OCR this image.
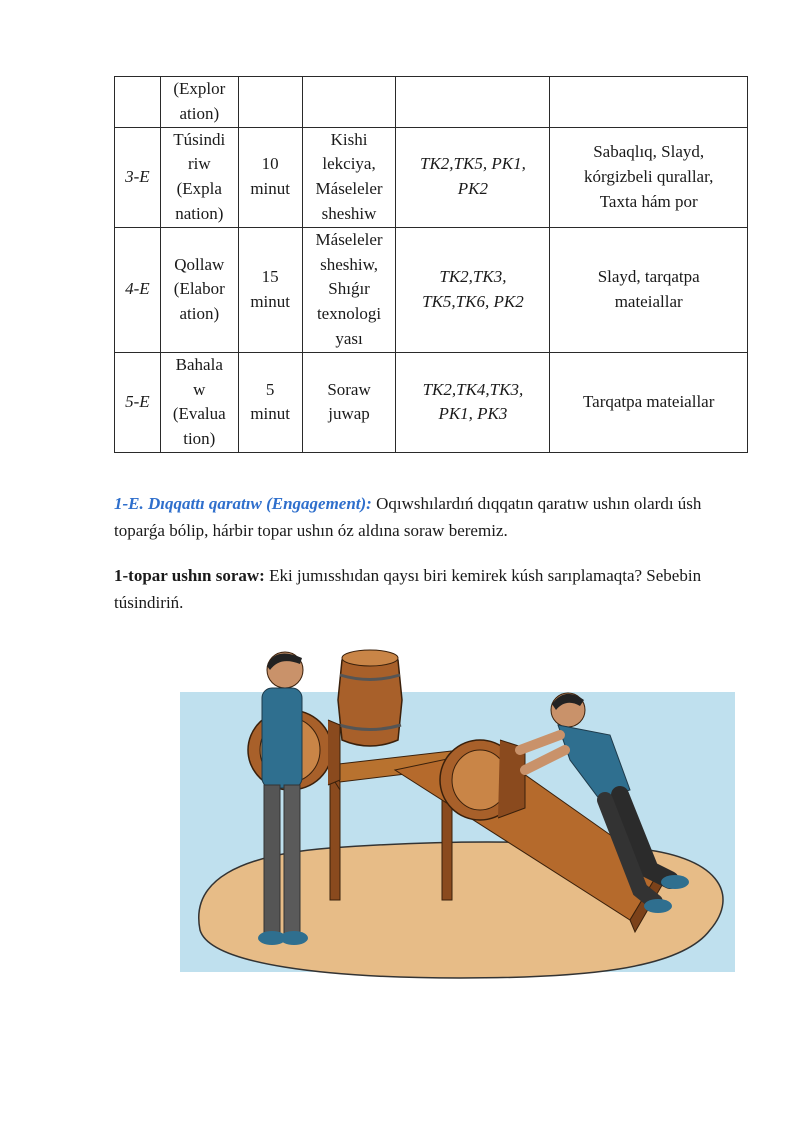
	(Explor
ation)				

3-E	Túsindi
riw
(Expla
nation)	10
minut	Kishi
lekciya,
Máseleler
sheshiw	TK2,TK5, PK1, PK2	Sabaqlıq, Slayd, kórgizbeli qurallar, Taxta hám por
4-E	Qollaw
(Elabor
ation)	15
minut	Máseleler
sheshiw,
Shıǵır
texnologi
yası	TK2,TK3, TK5,TK6, PK2	Slayd, tarqatpa mateiallar
5-E	Bahala
w
(Evalua
tion)	5
minut	Soraw
juwap	TK2,TK4,TK3, PK1, PK3	Tarqatpa mateiallar

1-E. Dıqqattı qaratıw (Engagement): Oqıwshılardıń dıqqatın qaratıw ushın olardı úsh toparǵa bólip, hárbir topar ushın óz aldına soraw beremiz.

1-topar ushın soraw: Eki jumısshıdan qaysı biri kemirek kúsh sarıplamaqta? Sebebin túsindiriń.
